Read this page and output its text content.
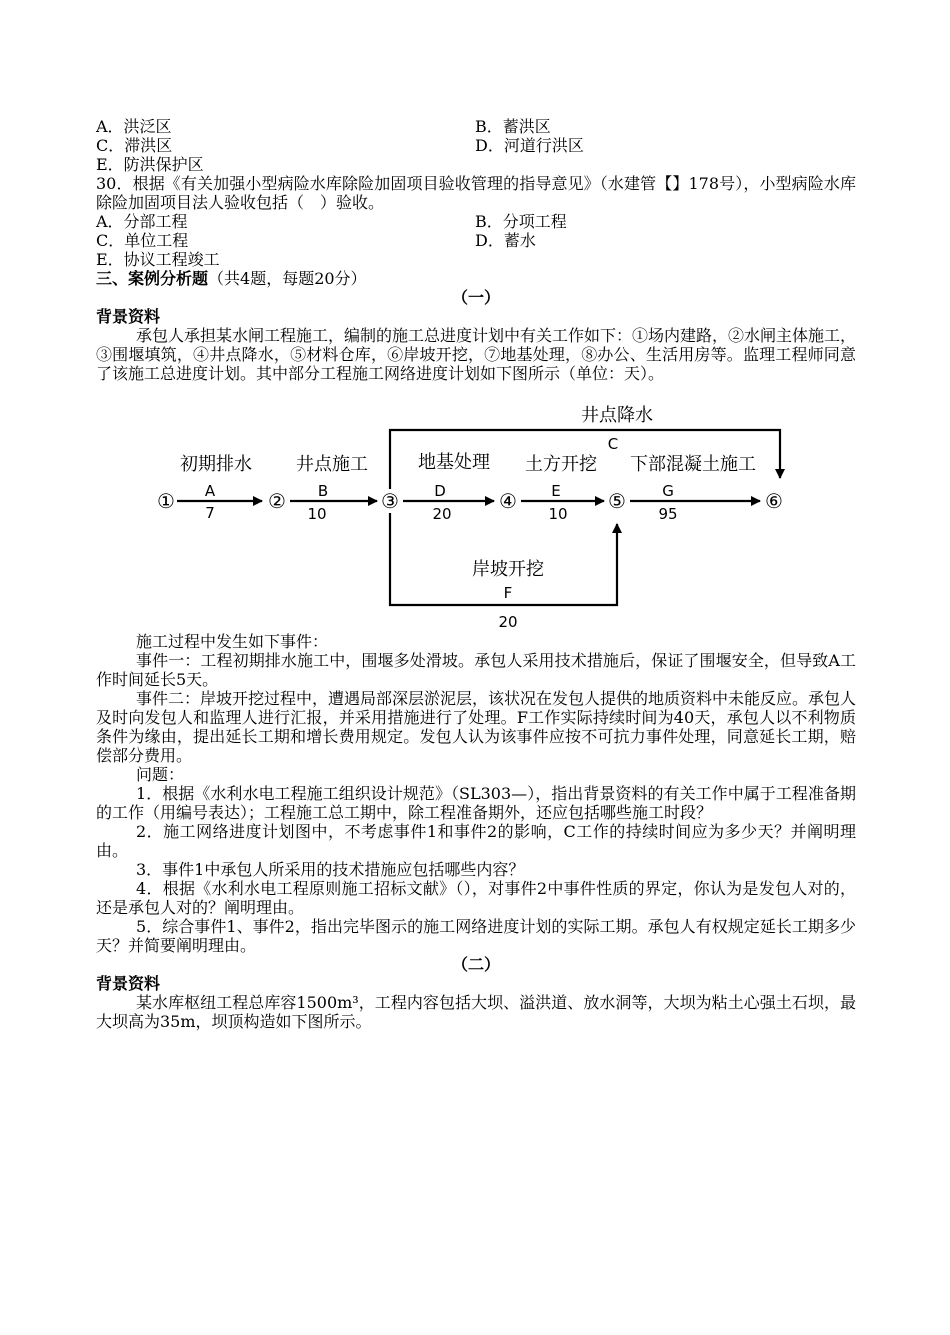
A．洪泛区	B．蓄洪区
C．滞洪区	D．河道行洪区
E．防洪保护区
30．根据《有关加强小型病险水库除险加固项目验收管理的指导意见》（水建管【】178号），小型病险水库除险加固项目法人验收包括（　）验收。
A．分部工程	B．分项工程
C．单位工程	D．蓄水
E．协议工程竣工
三、案例分析题（共4题，每题20分）
（一）
背景资料
承包人承担某水闸工程施工，编制的施工总进度计划中有关工作如下：①场内建路，②水闸主体施工，③围堰填筑，④井点降水，⑤材料仓库，⑥岸坡开挖，⑦地基处理，⑧办公、生活用房等。监理工程师同意了该施工总进度计划。其中部分工程施工网络进度计划如下图所示（单位：天）。
①	②	③	④	⑤	⑥
初期排水
A
7
井点施工
B
10
地基处理
D
20
土方开挖
E
10
下部混凝土施工
G
95
井点降水
C
岸坡开挖
F
20
施工过程中发生如下事件：
事件一：工程初期排水施工中，围堰多处滑坡。承包人采用技术措施后，保证了围堰安全，但导致A工作时间延长5天。
事件二：岸坡开挖过程中，遭遇局部深层淤泥层，该状况在发包人提供的地质资料中未能反应。承包人及时向发包人和监理人进行汇报，并采用措施进行了处理。F工作实际持续时间为40天，承包人以不利物质条件为缘由，提出延长工期和增长费用规定。发包人认为该事件应按不可抗力事件处理，同意延长工期，赔偿部分费用。
问题：
1．根据《水利水电工程施工组织设计规范》（SL303—），指出背景资料的有关工作中属于工程准备期的工作（用编号表达）；工程施工总工期中，除工程准备期外，还应包括哪些施工时段？
2．施工网络进度计划图中，不考虑事件1和事件2的影响，C工作的持续时间应为多少天？并阐明理由。
3．事件1中承包人所采用的技术措施应包括哪些内容？
4．根据《水利水电工程原则施工招标文献》（），对事件2中事件性质的界定，你认为是发包人对的，还是承包人对的？阐明理由。
5．综合事件1、事件2，指出完毕图示的施工网络进度计划的实际工期。承包人有权规定延长工期多少天？并简要阐明理由。
（二）
背景资料
某水库枢纽工程总库容1500m³，工程内容包括大坝、溢洪道、放水洞等，大坝为粘土心强土石坝，最大坝高为35m，坝顶构造如下图所示。
